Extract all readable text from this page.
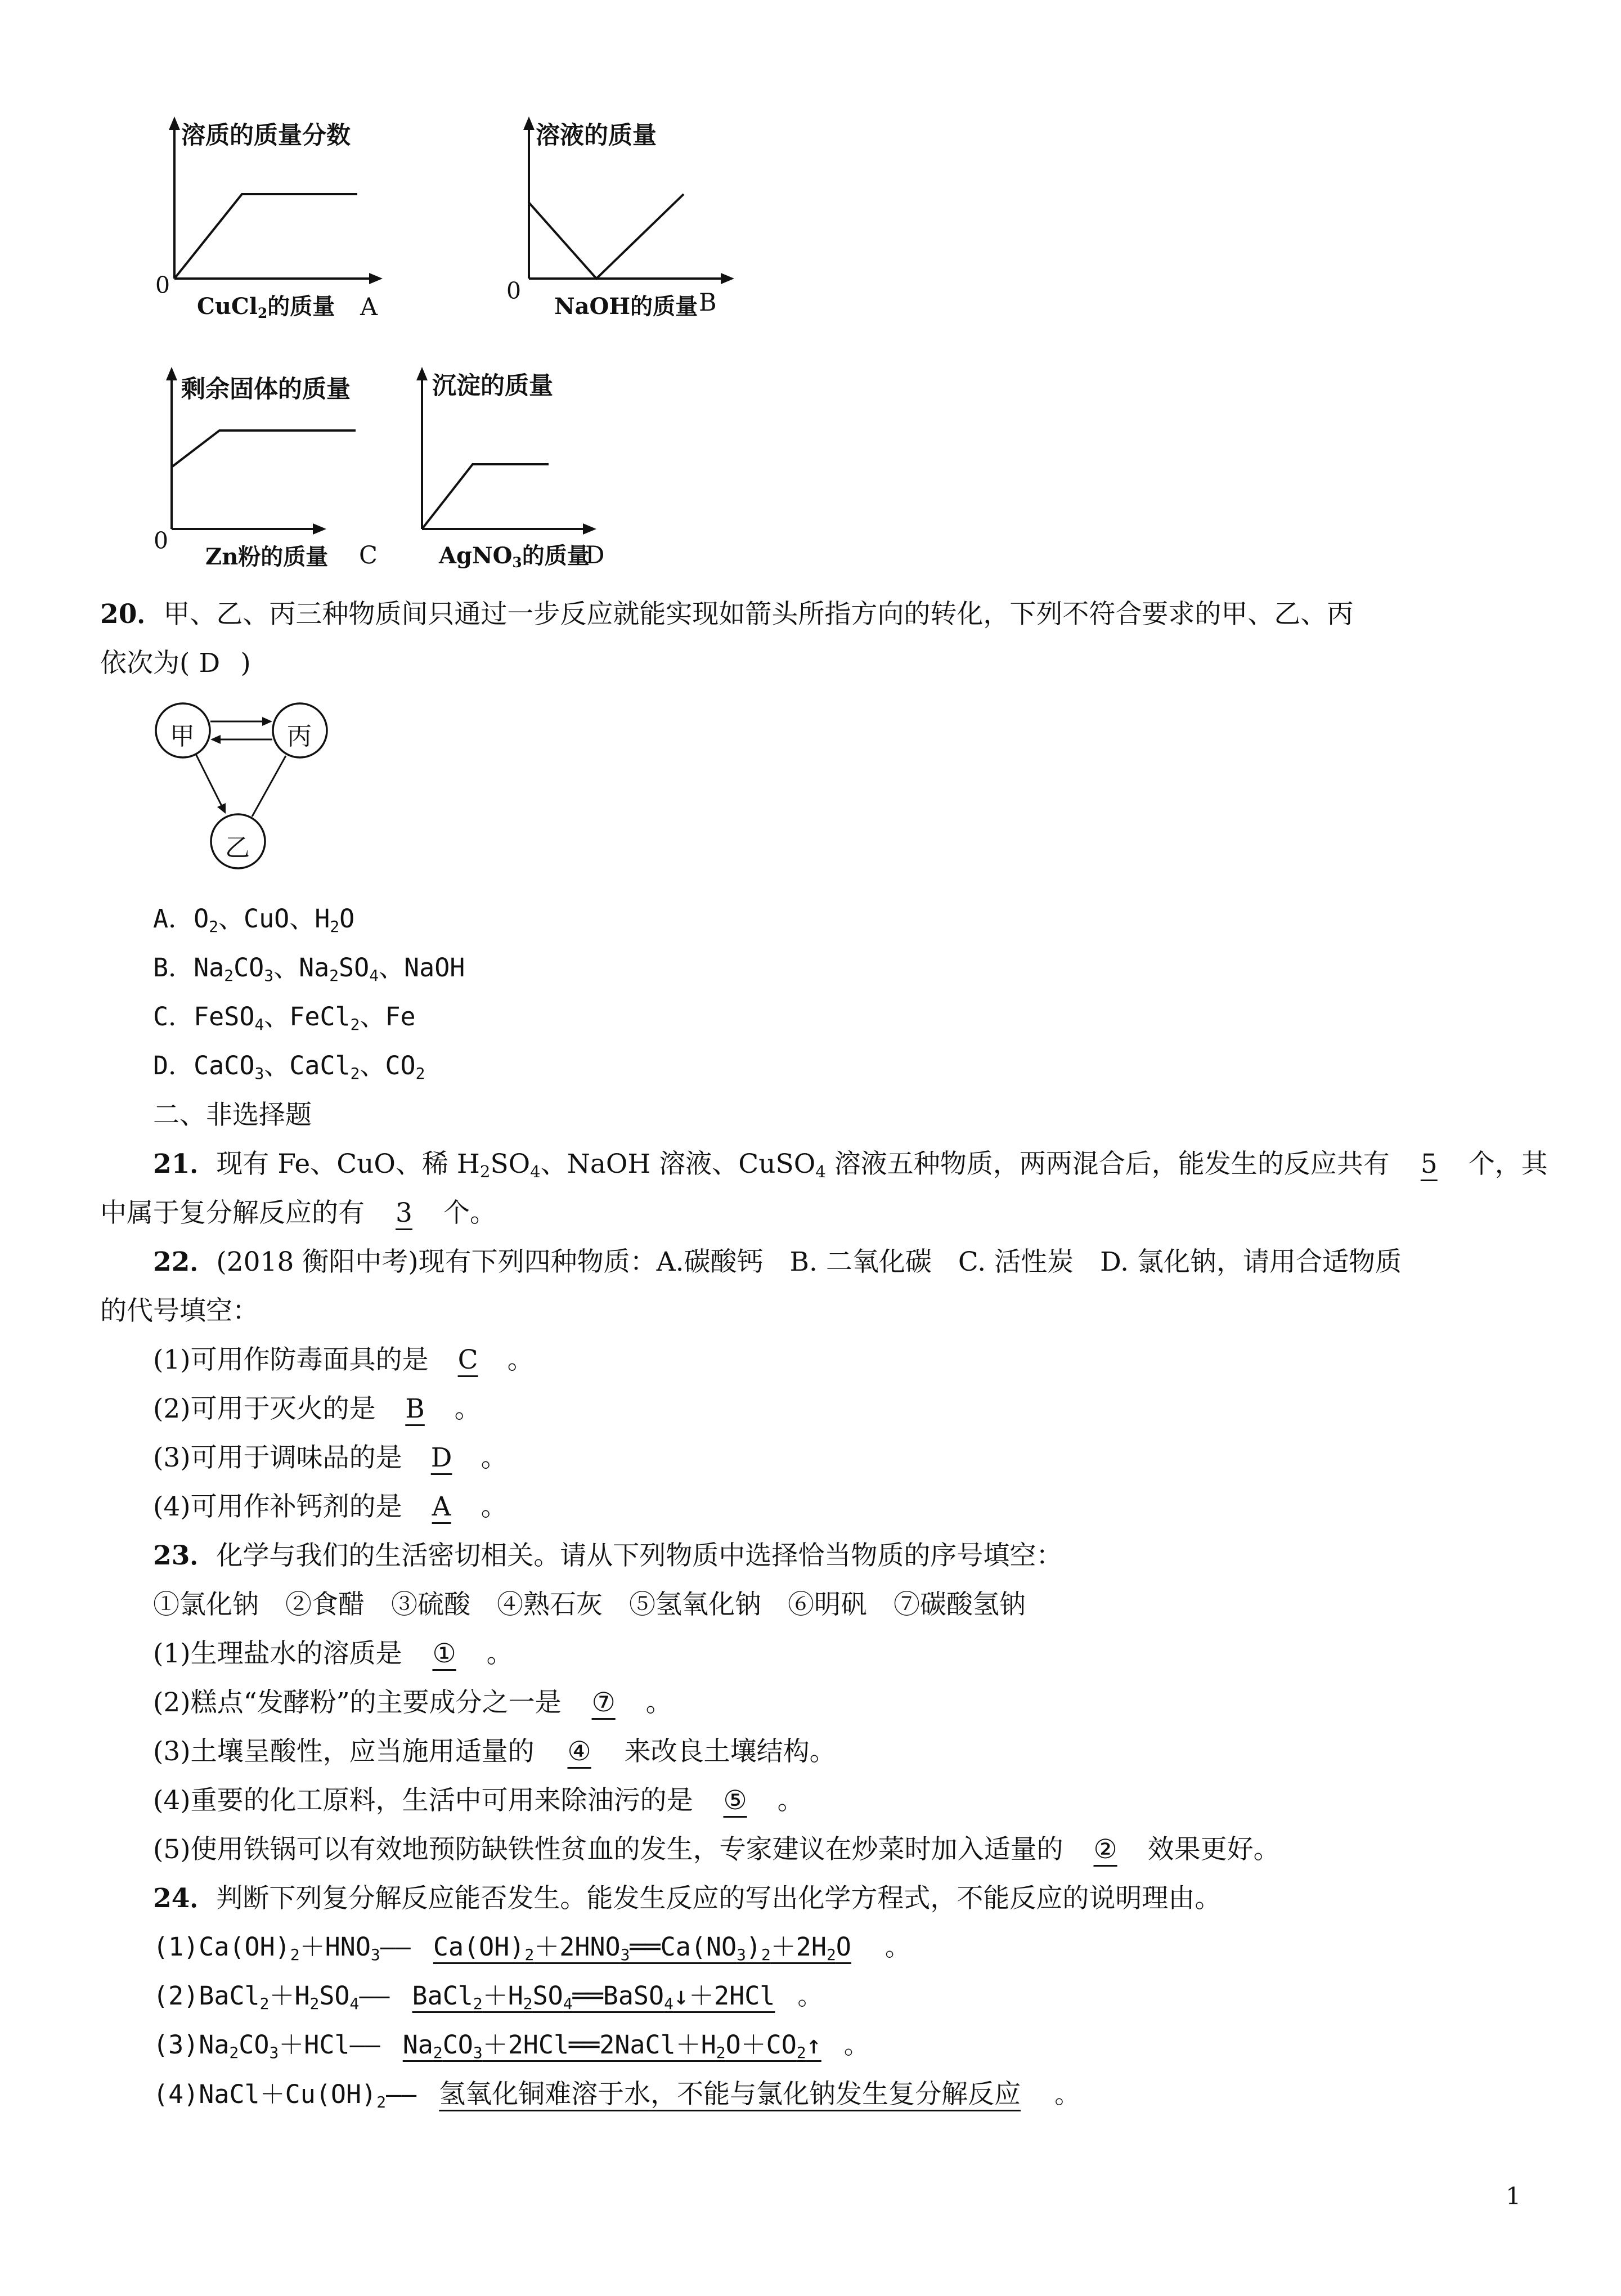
溶质的质量分数
0
CuCl$_2$的质量 A
溶液的质量
0
NaOH的质量 B
剩余固体的质量
0
Zn粉的质量 C
沉淀的质量
AgNO$_3$的质量
D
20．甲、乙、丙三种物质间只通过一步反应就能实现如箭头所指方向的转化，下列不符合要求的甲、乙、丙
依次为( D )
甲	丙
乙
A．$O_2$、CuO、$H_2O$
B．$Na_2CO_3$、$Na_2SO_4$、NaOH
C．FeSO$_4$、FeCl$_2$、Fe
D．CaCO$_3$、CaCl$_2$、$CO_2$
二、非选择题
21．现有 Fe、CuO、稀 $H_2SO_4$、NaOH 溶液、CuSO$_4$ 溶液五种物质，两两混合后，能发生的反应共有 5 个，其
中属于复分解反应的有 3 个。
22．(2018 衡阳中考)现有下列四种物质：A.碳酸钙　B. 二氧化碳　C. 活性炭　D. 氯化钠，请用合适物质
的代号填空：
(1)可用作防毒面具的是 C 。
(2)可用于灭火的是 B 。
(3)可用于调味品的是 D 。
(4)可用作补钙剂的是 A 。
23．化学与我们的生活密切相关。请从下列物质中选择恰当物质的序号填空：
①氯化钠　②食醋　③硫酸　④熟石灰　⑤氢氧化钠　⑥明矾　⑦碳酸氢钠
(1)生理盐水的溶质是 ① 。
(2)糕点“发酵粉”的主要成分之一是 ⑦ 。
(3)土壤呈酸性，应当施用适量的 ④ 来改良土壤结构。
(4)重要的化工原料，生活中可用来除油污的是 ⑤ 。
(5)使用铁锅可以有效地预防缺铁性贫血的发生，专家建议在炒菜时加入适量的 ② 效果更好。
24．判断下列复分解反应能否发生。能发生反应的写出化学方程式，不能反应的说明理由。
$(1)Ca(OH)_2+HNO_3——$ $Ca(OH)_2+2HNO_3══Ca(NO_3)_2+2H_2O$ 。
$(2)BaCl_2+H_2SO_4——$ $BaCl_2+H_2SO_4══BaSO_4↓+2HCl$ 。
$(3)Na_2CO_3+HCl——$ $Na_2CO_3+2HCl══2NaCl+H_2O+CO_2↑$ 。
$(4)NaCl+Cu(OH)_2——$ 氢氧化铜难溶于水，不能与氯化钠发生复分解反应 。
1
